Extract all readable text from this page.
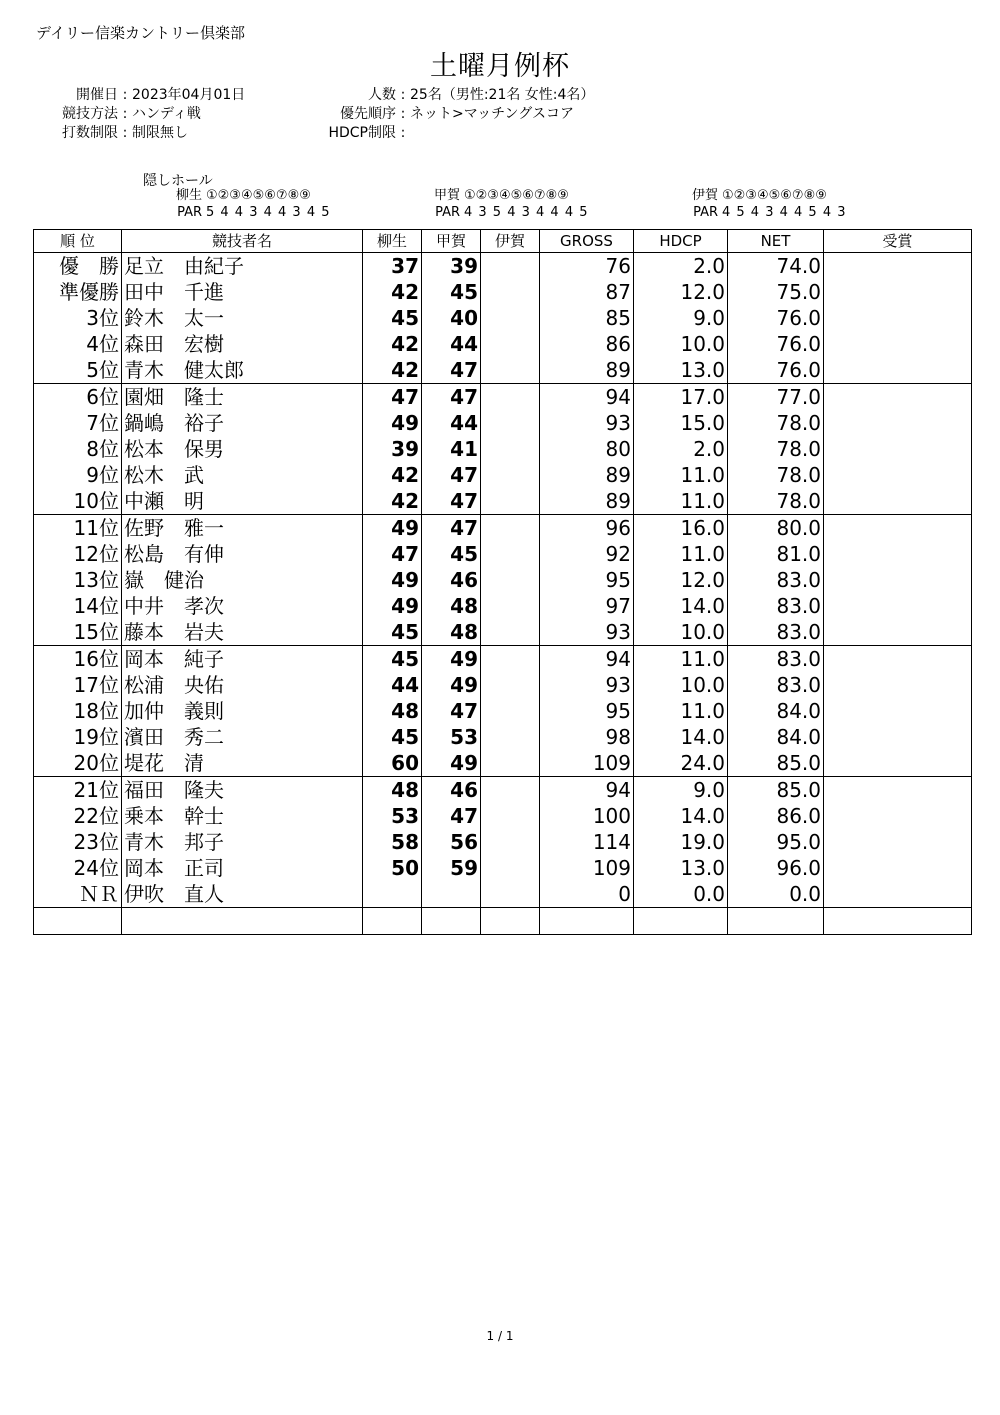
デイリー信楽カントリー倶楽部
土曜月例杯
開催日 : 2023年04月01日
競技方法 : ハンディ戦
打数制限 : 制限無し
人数 : 25名（男性:21名 女性:4名）
優先順序 : ネット>マッチングスコア
HDCP制限 :
隠しホール
柳生 ①②③④⑤⑥⑦⑧⑨
PAR 5 4 4 3 4 4 3 4 5
甲賀 ①②③④⑤⑥⑦⑧⑨
PAR 4 3 5 4 3 4 4 4 5
伊賀 ①②③④⑤⑥⑦⑧⑨
PAR 4 5 4 3 4 4 5 4 3
順 位	競技者名	柳生	甲賀	伊賀	GROSS	HDCP	NET	受賞
優　勝	足立　由紀子	37	39		76	2.0	74.0	
準優勝	田中　千進	42	45		87	12.0	75.0	
3位	鈴木　太一	45	40		85	9.0	76.0	
4位	森田　宏樹	42	44		86	10.0	76.0	
5位	青木　健太郎	42	47		89	13.0	76.0	
6位	園畑　隆士	47	47		94	17.0	77.0	
7位	鍋嶋　裕子	49	44		93	15.0	78.0	
8位	松本　保男	39	41		80	2.0	78.0	
9位	松木　武	42	47		89	11.0	78.0	
10位	中瀬　明	42	47		89	11.0	78.0	
11位	佐野　雅一	49	47		96	16.0	80.0	
12位	松島　有伸	47	45		92	11.0	81.0	
13位	嶽　健治	49	46		95	12.0	83.0	
14位	中井　孝次	49	48		97	14.0	83.0	
15位	藤本　岩夫	45	48		93	10.0	83.0	
16位	岡本　純子	45	49		94	11.0	83.0	
17位	松浦　央佑	44	49		93	10.0	83.0	
18位	加仲　義則	48	47		95	11.0	84.0	
19位	濱田　秀二	45	53		98	14.0	84.0	
20位	堤花　清	60	49		109	24.0	85.0	
21位	福田　隆夫	48	46		94	9.0	85.0	
22位	乗本　幹士	53	47		100	14.0	86.0	
23位	青木　邦子	58	56		114	19.0	95.0	
24位	岡本　正司	50	59		109	13.0	96.0	
ＮＲ	伊吹　直人				0	0.0	0.0	

1 / 1
